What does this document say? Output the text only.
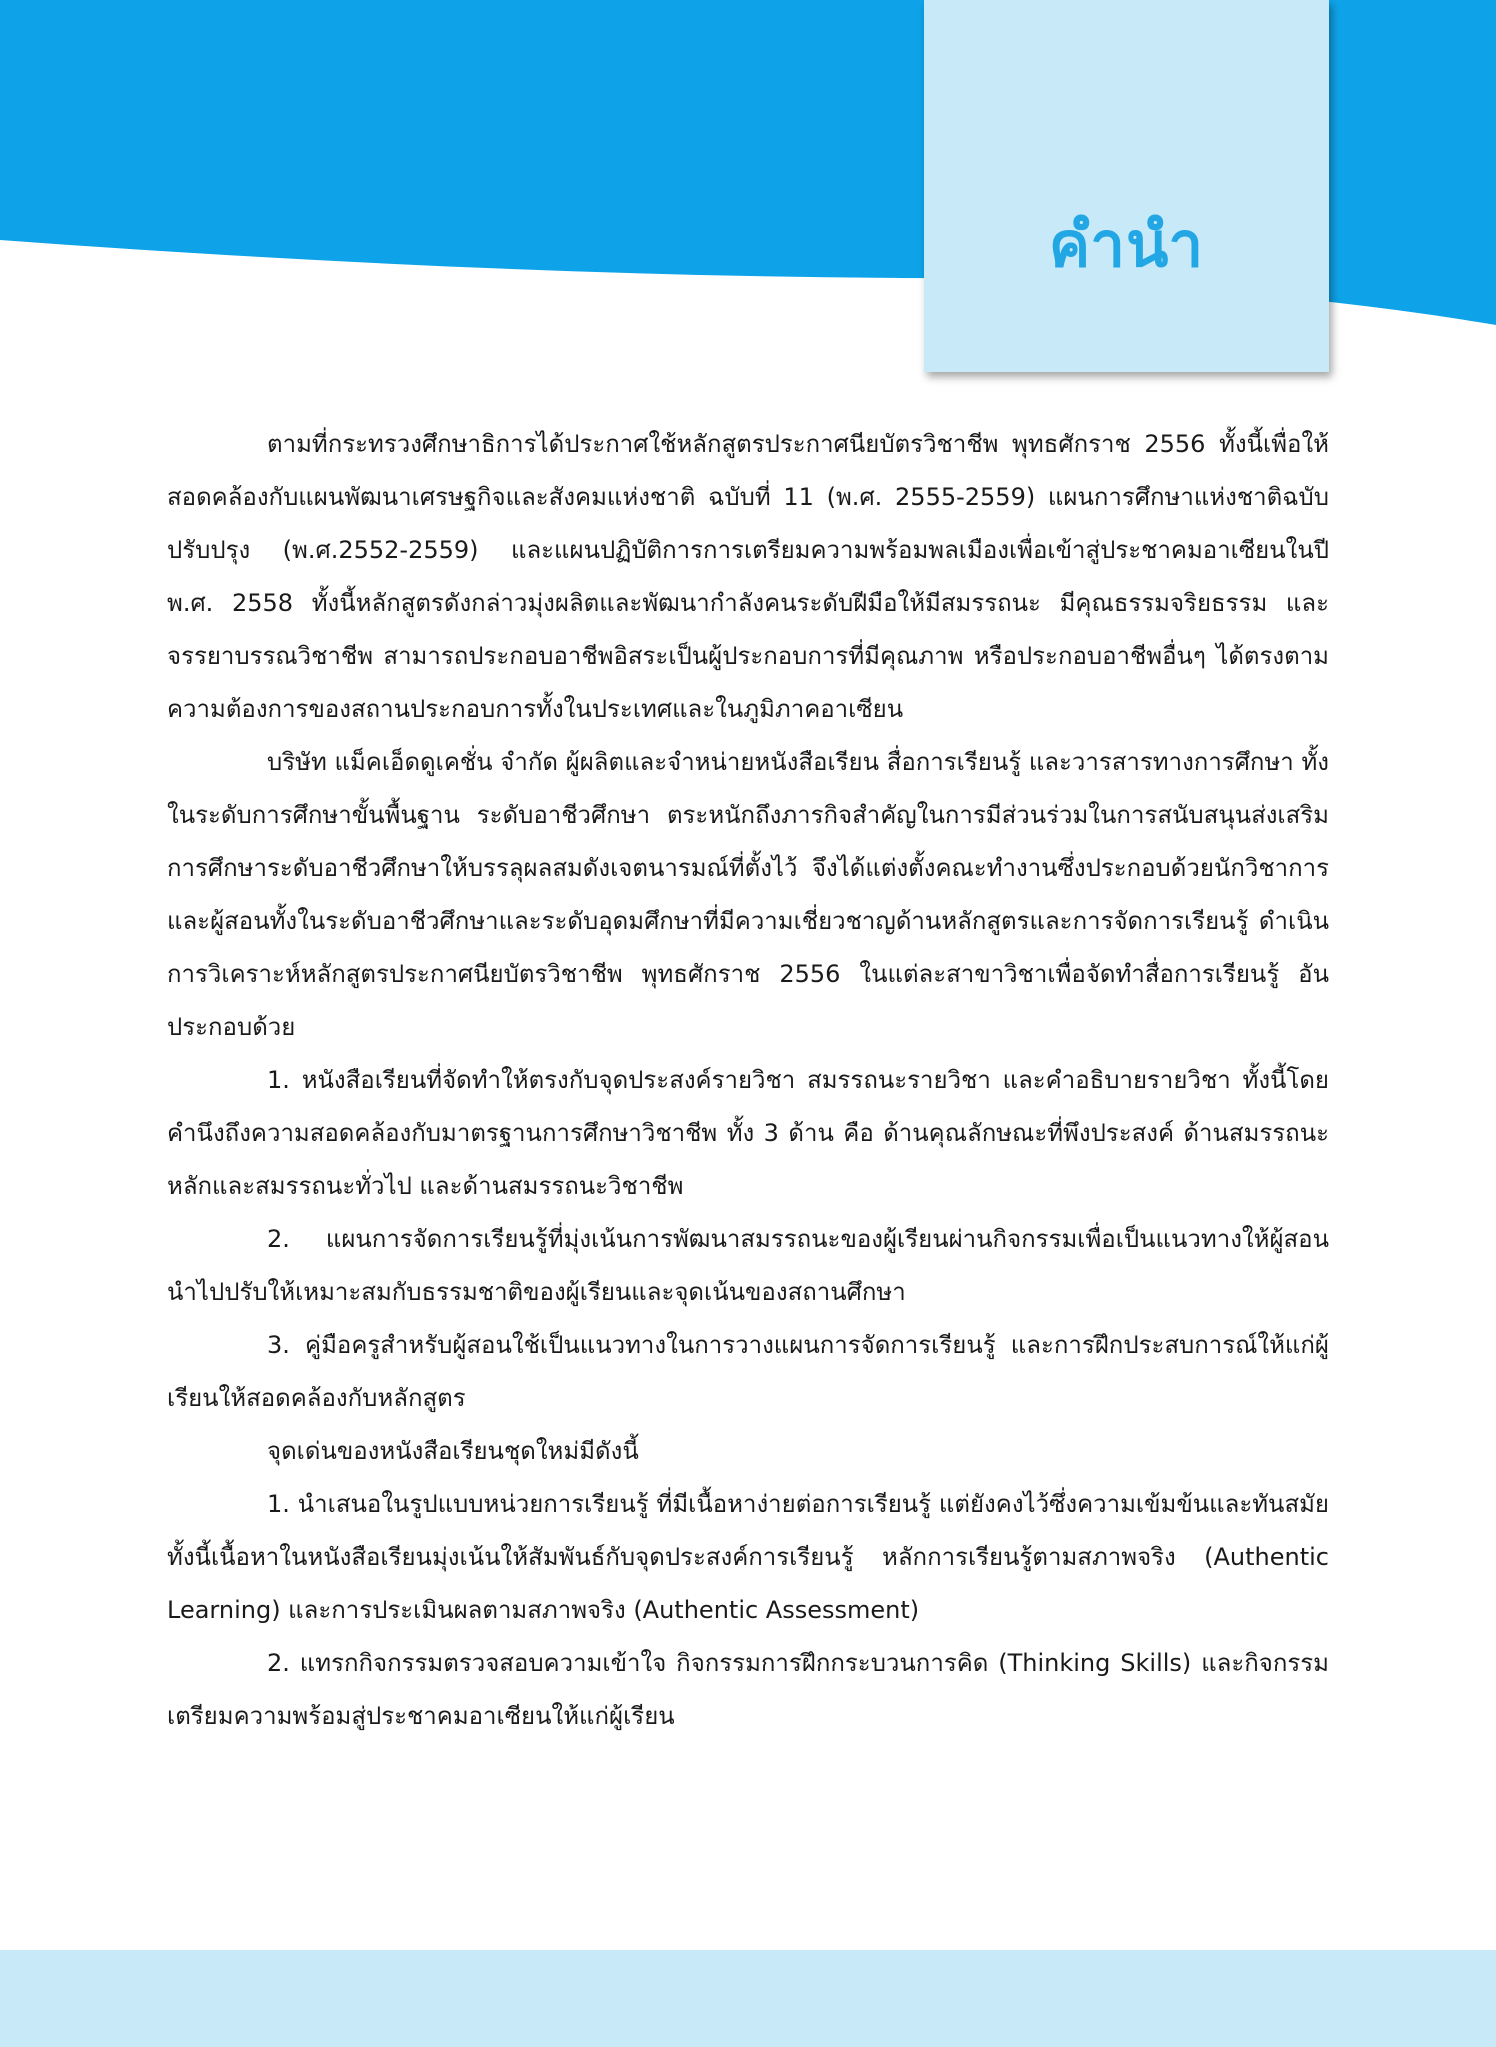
คำนำ

ตามที่กระทรวงศึกษาธิการได้ประกาศใช้หลักสูตรประกาศนียบัตรวิชาชีพ พุทธศักราช 2556 ทั้งนี้เพื่อให้สอดคล้องกับแผนพัฒนาเศรษฐกิจและสังคมแห่งชาติ ฉบับที่ 11 (พ.ศ. 2555-2559) แผนการศึกษาแห่งชาติฉบับปรับปรุง (พ.ศ.2552-2559) และแผนปฏิบัติการการเตรียมความพร้อมพลเมืองเพื่อเข้าสู่ประชาคมอาเซียนในปี พ.ศ. 2558 ทั้งนี้หลักสูตรดังกล่าวมุ่งผลิตและพัฒนากำลังคนระดับฝีมือให้มีสมรรถนะ มีคุณธรรมจริยธรรม และจรรยาบรรณวิชาชีพ สามารถประกอบอาชีพอิสระเป็นผู้ประกอบการที่มีคุณภาพ หรือประกอบอาชีพอื่นๆ ได้ตรงตามความต้องการของสถานประกอบการทั้งในประเทศและในภูมิภาคอาเซียน

บริษัท แม็คเอ็ดดูเคชั่น จำกัด ผู้ผลิตและจำหน่ายหนังสือเรียน สื่อการเรียนรู้ และวารสารทางการศึกษา ทั้งในระดับการศึกษาขั้นพื้นฐาน ระดับอาชีวศึกษา ตระหนักถึงภารกิจสำคัญในการมีส่วนร่วมในการสนับสนุนส่งเสริมการศึกษาระดับอาชีวศึกษาให้บรรลุผลสมดังเจตนารมณ์ที่ตั้งไว้ จึงได้แต่งตั้งคณะทำงานซึ่งประกอบด้วยนักวิชาการ และผู้สอนทั้งในระดับอาชีวศึกษาและระดับอุดมศึกษาที่มีความเชี่ยวชาญด้านหลักสูตรและการจัดการเรียนรู้ ดำเนินการวิเคราะห์หลักสูตรประกาศนียบัตรวิชาชีพ พุทธศักราช 2556 ในแต่ละสาขาวิชาเพื่อจัดทำสื่อการเรียนรู้ อันประกอบด้วย

1. หนังสือเรียนที่จัดทำให้ตรงกับจุดประสงค์รายวิชา สมรรถนะรายวิชา และคำอธิบายรายวิชา ทั้งนี้โดยคำนึงถึงความสอดคล้องกับมาตรฐานการศึกษาวิชาชีพ ทั้ง 3 ด้าน คือ ด้านคุณลักษณะที่พึงประสงค์ ด้านสมรรถนะหลักและสมรรถนะทั่วไป และด้านสมรรถนะวิชาชีพ

2. แผนการจัดการเรียนรู้ที่มุ่งเน้นการพัฒนาสมรรถนะของผู้เรียนผ่านกิจกรรมเพื่อเป็นแนวทางให้ผู้สอนนำไปปรับให้เหมาะสมกับธรรมชาติของผู้เรียนและจุดเน้นของสถานศึกษา

3. คู่มือครูสำหรับผู้สอนใช้เป็นแนวทางในการวางแผนการจัดการเรียนรู้ และการฝึกประสบการณ์ให้แก่ผู้เรียนให้สอดคล้องกับหลักสูตร

จุดเด่นของหนังสือเรียนชุดใหม่มีดังนี้

1. นำเสนอในรูปแบบหน่วยการเรียนรู้ ที่มีเนื้อหาง่ายต่อการเรียนรู้ แต่ยังคงไว้ซึ่งความเข้มข้นและทันสมัย ทั้งนี้เนื้อหาในหนังสือเรียนมุ่งเน้นให้สัมพันธ์กับจุดประสงค์การเรียนรู้ หลักการเรียนรู้ตามสภาพจริง (Authentic Learning) และการประเมินผลตามสภาพจริง (Authentic Assessment)

2. แทรกกิจกรรมตรวจสอบความเข้าใจ กิจกรรมการฝึกกระบวนการคิด (Thinking Skills) และกิจกรรมเตรียมความพร้อมสู่ประชาคมอาเซียนให้แก่ผู้เรียน
